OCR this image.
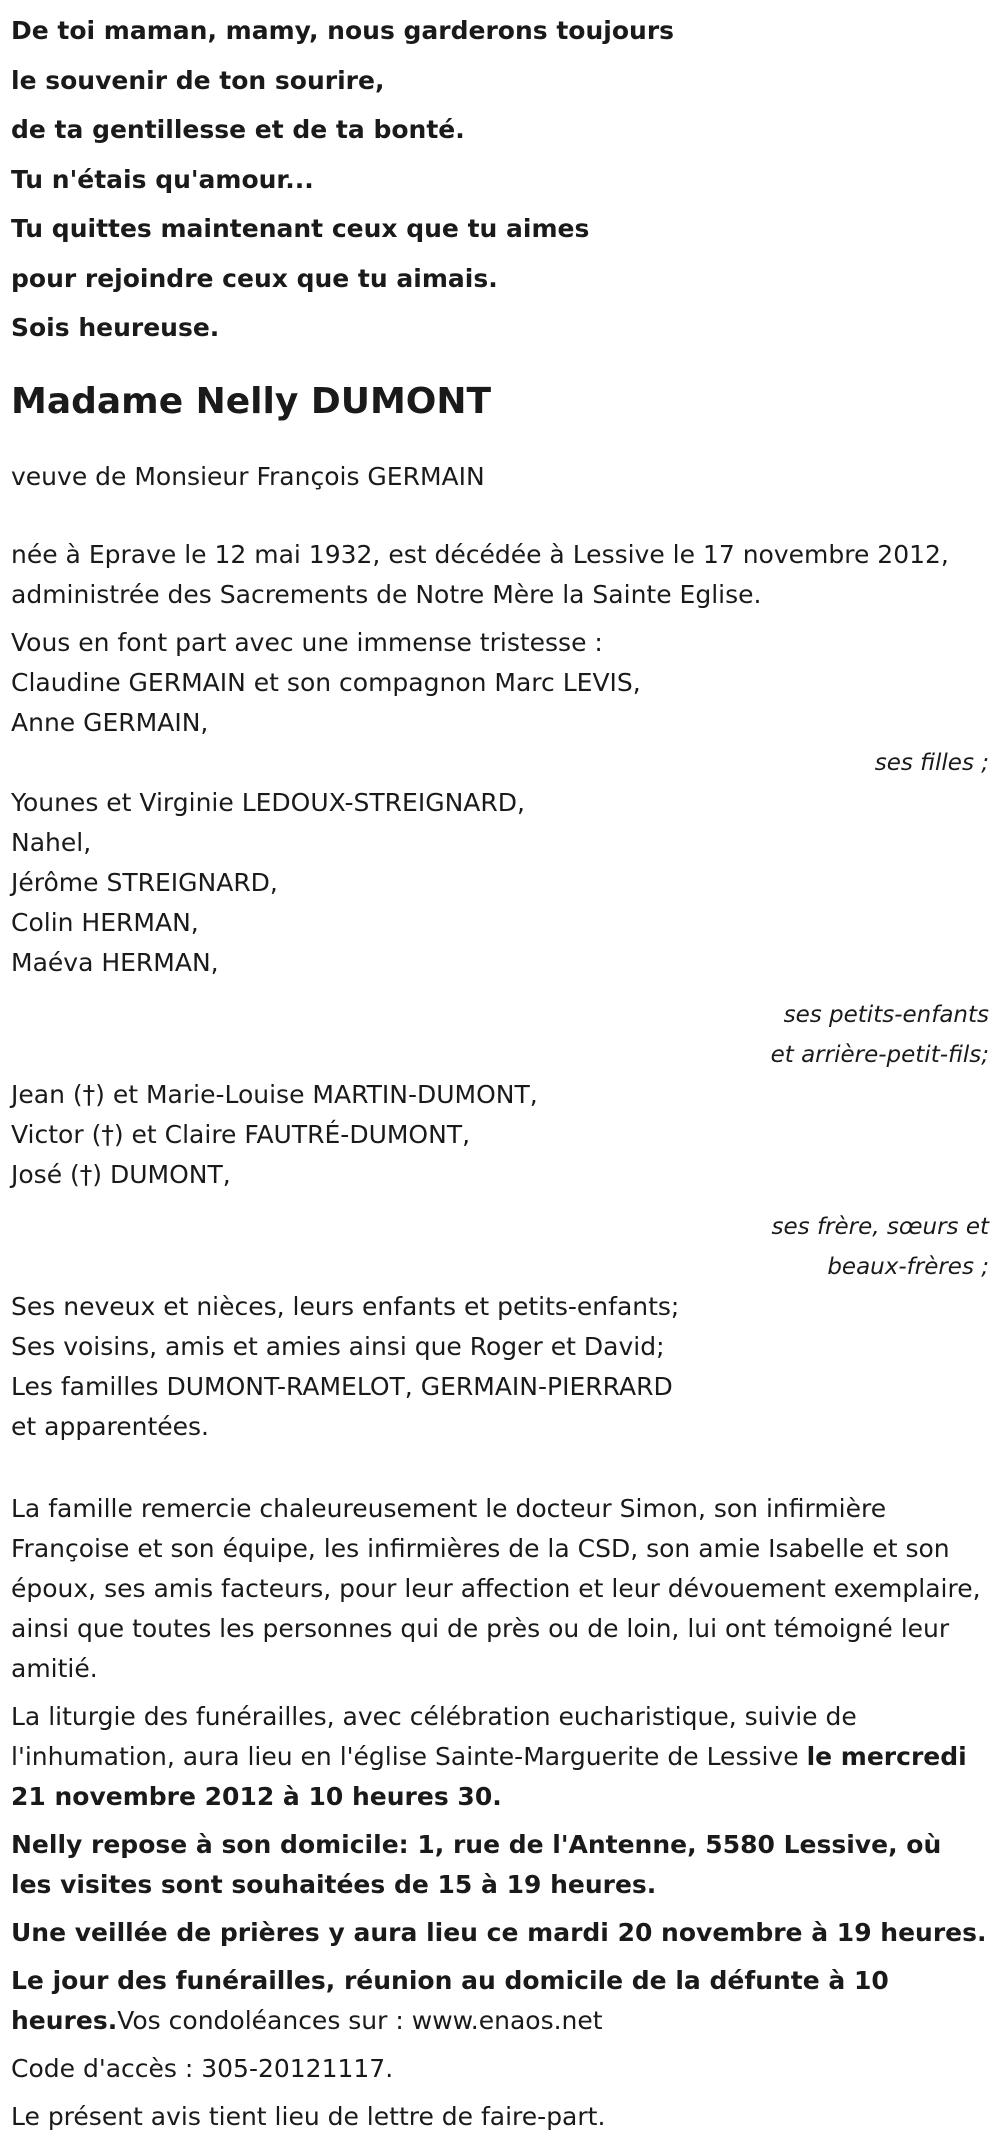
De toi maman, mamy, nous garderons toujours
le souvenir de ton sourire,
de ta gentillesse et de ta bonté.
Tu n'étais qu'amour...
Tu quittes maintenant ceux que tu aimes
pour rejoindre ceux que tu aimais.
Sois heureuse.
Madame Nelly DUMONT

veuve de Monsieur François GERMAIN

née à Eprave le 12 mai 1932, est décédée à Lessive le 17 novembre 2012, administrée des Sacrements de Notre Mère la Sainte Eglise.

Vous en font part avec une immense tristesse :

Claudine GERMAIN et son compagnon Marc LEVIS,
Anne GERMAIN,
ses filles ;
Younes et Virginie LEDOUX-STREIGNARD,
Nahel,
Jérôme STREIGNARD,
Colin HERMAN,
Maéva HERMAN,
ses petits-enfants
et arrière-petit-fils;
Jean (†) et Marie-Louise MARTIN-DUMONT,
Victor (†) et Claire FAUTRÉ-DUMONT,
José (†) DUMONT,
ses frère, sœurs et
beaux-frères ;
Ses neveux et nièces, leurs enfants et petits-enfants;
Ses voisins, amis et amies ainsi que Roger et David;
Les familles DUMONT-RAMELOT, GERMAIN-PIERRARD
et apparentées.

La famille remercie chaleureusement le docteur Simon, son infirmière Françoise et son équipe, les infirmières de la CSD, son amie Isabelle et son époux, ses amis facteurs, pour leur affection et leur dévouement exemplaire, ainsi que toutes les personnes qui de près ou de loin, lui ont témoigné leur amitié.

La liturgie des funérailles, avec célébration eucharistique, suivie de l'inhumation, aura lieu en l'église Sainte-Marguerite de Lessive le mercredi 21 novembre 2012 à 10 heures 30.

Nelly repose à son domicile: 1, rue de l'Antenne, 5580 Lessive, où les visites sont souhaitées de 15 à 19 heures.

Une veillée de prières y aura lieu ce mardi 20 novembre à 19 heures.

Le jour des funérailles, réunion au domicile de la défunte à 10 heures.Vos condoléances sur : www.enaos.net

Code d'accès : 305-20121117.

Le présent avis tient lieu de lettre de faire-part.
